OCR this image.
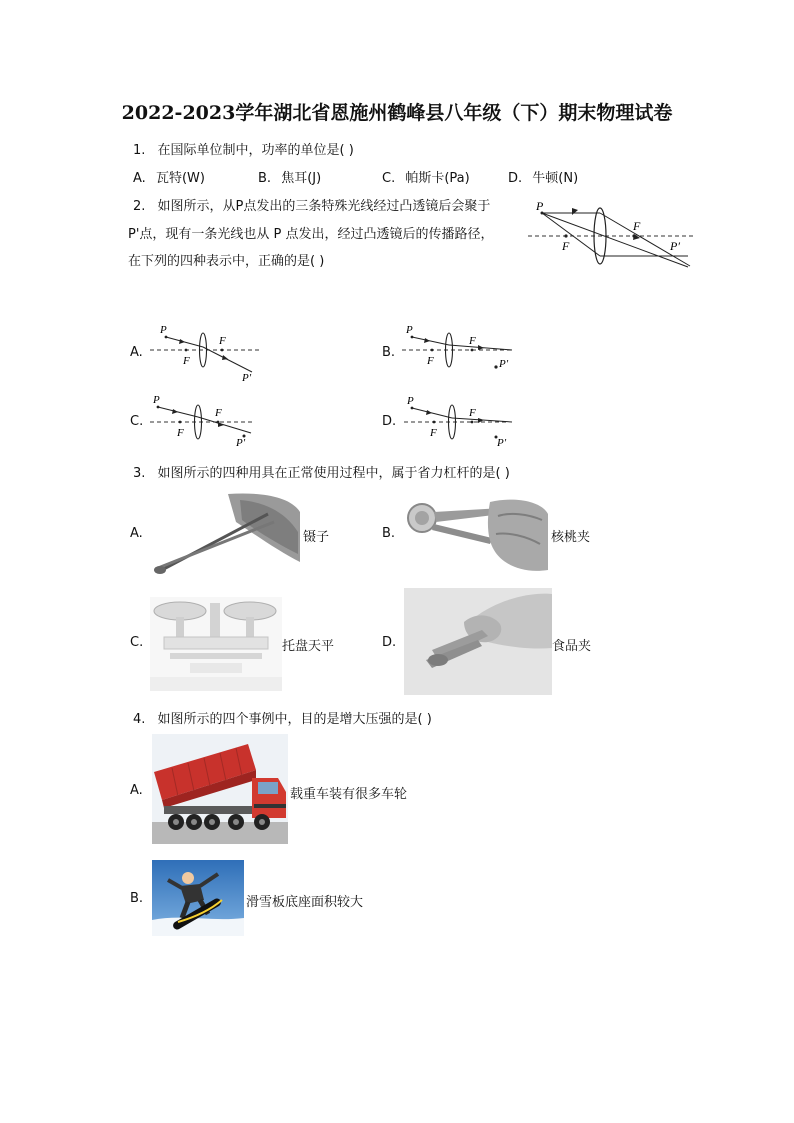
2022-2023学年湖北省恩施州鹤峰县八年级（下）期末物理试卷
1. 在国际单位制中，功率的单位是( )
A. 瓦特(W)	B. 焦耳(J)	C. 帕斯卡(Pa)	D. 牛顿(N)
2. 如图所示，从P点发出的三条特殊光线经过凸透镜后会聚于
P'点，现有一条光线也从 P 点发出，经过凸透镜后的传播路径，
在下列的四种表示中，正确的是( )
P
F
F
P′
A.
P
F
F
P′
B.
P
F
F
P′
C.
P
F
F
P′
D.
P
F
F
P′
3. 如图所示的四种用具在正常使用过程中，属于省力杠杆的是( )
A.	镊子	B.	核桃夹
C.	托盘天平	D.	食品夹
4. 如图所示的四个事例中，目的是增大压强的是( )
A.	载重车装有很多车轮
B.	滑雪板底座面积较大
